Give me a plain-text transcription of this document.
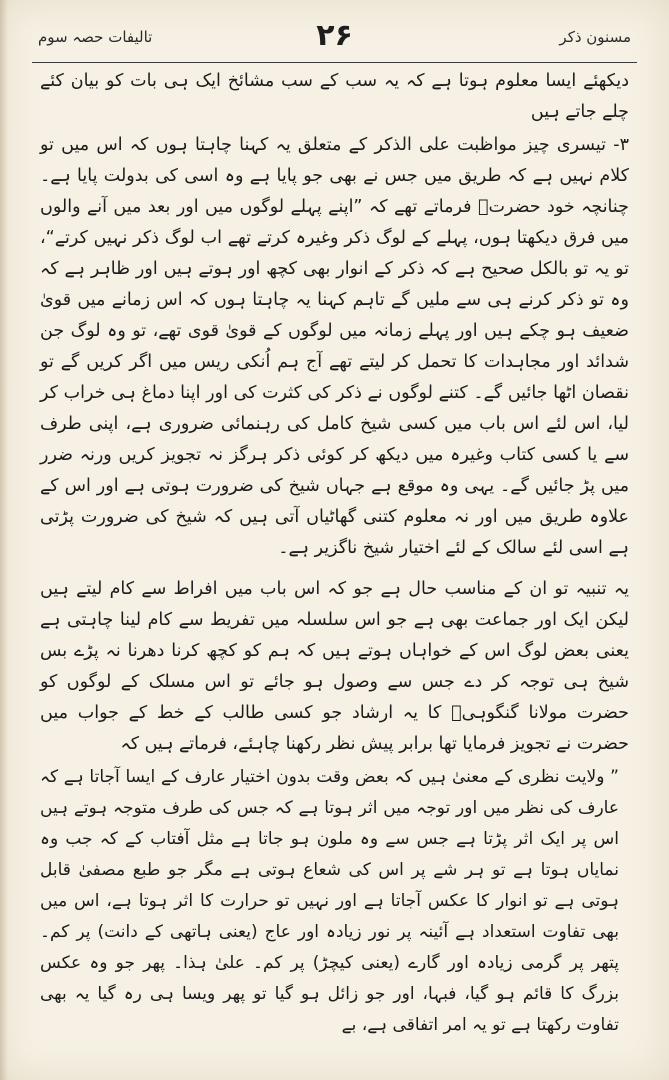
تالیفات حصہ سوم	۲۶	مسنون ذکر

دیکھئے ایسا معلوم ہوتا ہے کہ یہ سب کے سب مشائخ ایک ہی بات کو بیان کئے چلے جاتے ہیں

۳- تیسری چیز مواظبت علی الذکر کے متعلق یہ کہنا چاہتا ہوں کہ اس میں تو کلام نہیں ہے کہ طریق میں جس نے بھی جو پایا ہے وہ اسی کی بدولت پایا ہے۔ چنانچہ خود حضرتؒ فرماتے تھے کہ ”اپنے پہلے لوگوں میں اور بعد میں آنے والوں میں فرق دیکھتا ہوں، پہلے کے لوگ ذکر وغیرہ کرتے تھے اب لوگ ذکر نہیں کرتے“، تو یہ تو بالکل صحیح ہے کہ ذکر کے انوار بھی کچھ اور ہوتے ہیں اور ظاہر ہے کہ وہ تو ذکر کرنے ہی سے ملیں گے تاہم کہنا یہ چاہتا ہوں کہ اس زمانے میں قویٰ ضعیف ہو چکے ہیں اور پہلے زمانہ میں لوگوں کے قویٰ قوی تھے، تو وہ لوگ جن شدائد اور مجاہدات کا تحمل کر لیتے تھے آج ہم اُنکی ریس میں اگر کریں گے تو نقصان اٹھا جائیں گے۔ کتنے لوگوں نے ذکر کی کثرت کی اور اپنا دماغ ہی خراب کر لیا، اس لئے اس باب میں کسی شیخ کامل کی رہنمائی ضروری ہے، اپنی طرف سے یا کسی کتاب وغیرہ میں دیکھ کر کوئی ذکر ہرگز نہ تجویز کریں ورنہ ضرر میں پڑ جائیں گے۔ یہی وہ موقع ہے جہاں شیخ کی ضرورت ہوتی ہے اور اس کے علاوہ طریق میں اور نہ معلوم کتنی گھاٹیاں آتی ہیں کہ شیخ کی ضرورت پڑتی ہے اسی لئے سالک کے لئے اختیار شیخ ناگزیر ہے۔

یہ تنبیہ تو ان کے مناسب حال ہے جو کہ اس باب میں افراط سے کام لیتے ہیں لیکن ایک اور جماعت بھی ہے جو اس سلسلہ میں تفریط سے کام لینا چاہتی ہے یعنی بعض لوگ اس کے خواہاں ہوتے ہیں کہ ہم کو کچھ کرنا دھرنا نہ پڑے بس شیخ ہی توجہ کر دے جس سے وصول ہو جائے تو اس مسلک کے لوگوں کو حضرت مولانا گنگوہیؒ کا یہ ارشاد جو کسی طالب کے خط کے جواب میں حضرت نے تجویز فرمایا تھا برابر پیش نظر رکھنا چاہئے، فرماتے ہیں کہ

” ولایت نظری کے معنیٰ ہیں کہ بعض وقت بدون اختیار عارف کے ایسا آجاتا ہے کہ عارف کی نظر میں اور توجہ میں اثر ہوتا ہے کہ جس کی طرف متوجہ ہوتے ہیں اس پر ایک اثر پڑتا ہے جس سے وہ ملون ہو جاتا ہے مثل آفتاب کے کہ جب وہ نمایاں ہوتا ہے تو ہر شے پر اس کی شعاع ہوتی ہے مگر جو طبع مصفیٰ قابل ہوتی ہے تو انوار کا عکس آجاتا ہے اور نہیں تو حرارت کا اثر ہوتا ہے، اس میں بھی تفاوت استعداد ہے آئینہ پر نور زیادہ اور عاج (یعنی ہاتھی کے دانت) پر کم۔ پتھر پر گرمی زیادہ اور گارے (یعنی کیچڑ) پر کم۔ علیٰ ہذا۔ پھر جو وہ عکس بزرگ کا قائم ہو گیا، فبہا، اور جو زائل ہو گیا تو پھر ویسا ہی رہ گیا یہ بھی تفاوت رکھتا ہے تو یہ امر اتفاقی ہے، بے
